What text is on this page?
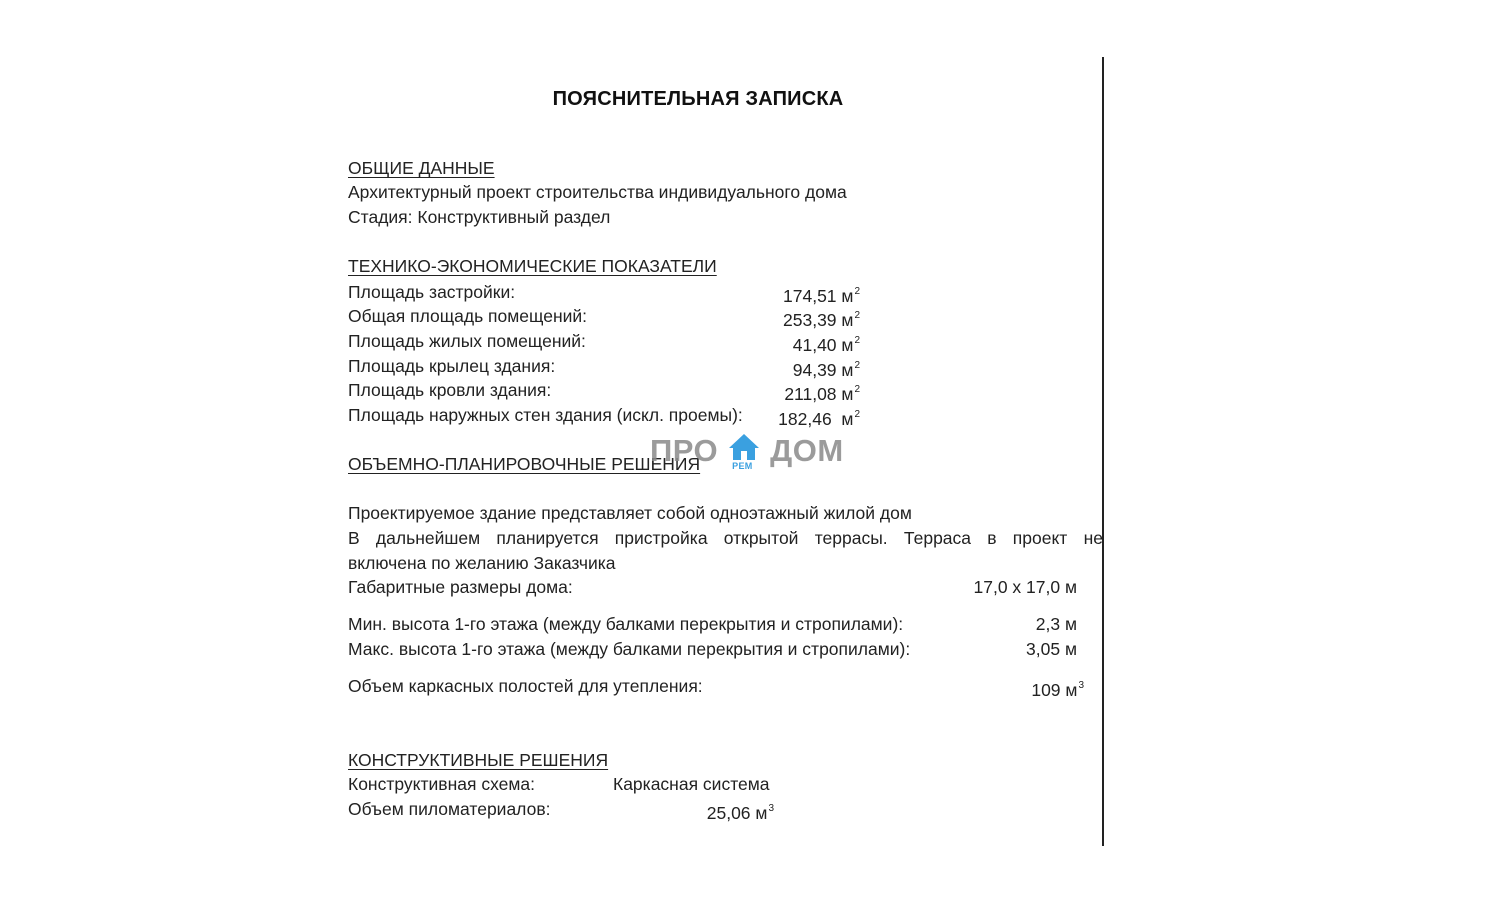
ПОЯСНИТЕЛЬНАЯ ЗАПИСКА
ОБЩИЕ ДАННЫЕ
Архитектурный проект строительства индивидуального дома
Стадия: Конструктивный раздел
ТЕХНИКО-ЭКОНОМИЧЕСКИЕ ПОКАЗАТЕЛИ
Площадь застройки:	174,51 $м^2$
Общая площадь помещений:	253,39 $м^2$
Площадь жилых помещений:	41,40 $м^2$
Площадь крылец здания:	94,39 $м^2$
Площадь кровли здания:	211,08 $м^2$
Площадь наружных стен здания (искл. проемы): 182,46  $м^2$
ОБЪЕМНО-ПЛАНИРОВОЧНЫЕ РЕШЕНИЯ
ПРО РЕМ ДОМ
Проектируемое здание представляет собой одноэтажный жилой дом
В дальнейшем планируется пристройка открытой террасы. Терраса в проект не
включена по желанию Заказчика
Габаритные размеры дома:	17,0 х 17,0 м
Мин. высота 1-го этажа (между балками перекрытия и стропилами):	2,3 м
Макс. высота 1-го этажа (между балками перекрытия и стропилами):	3,05 м
Объем каркасных полостей для утепления:	109 $м^3$
КОНСТРУКТИВНЫЕ РЕШЕНИЯ
Конструктивная схема:	Каркасная система
Объем пиломатериалов:	25,06 $м^3$
